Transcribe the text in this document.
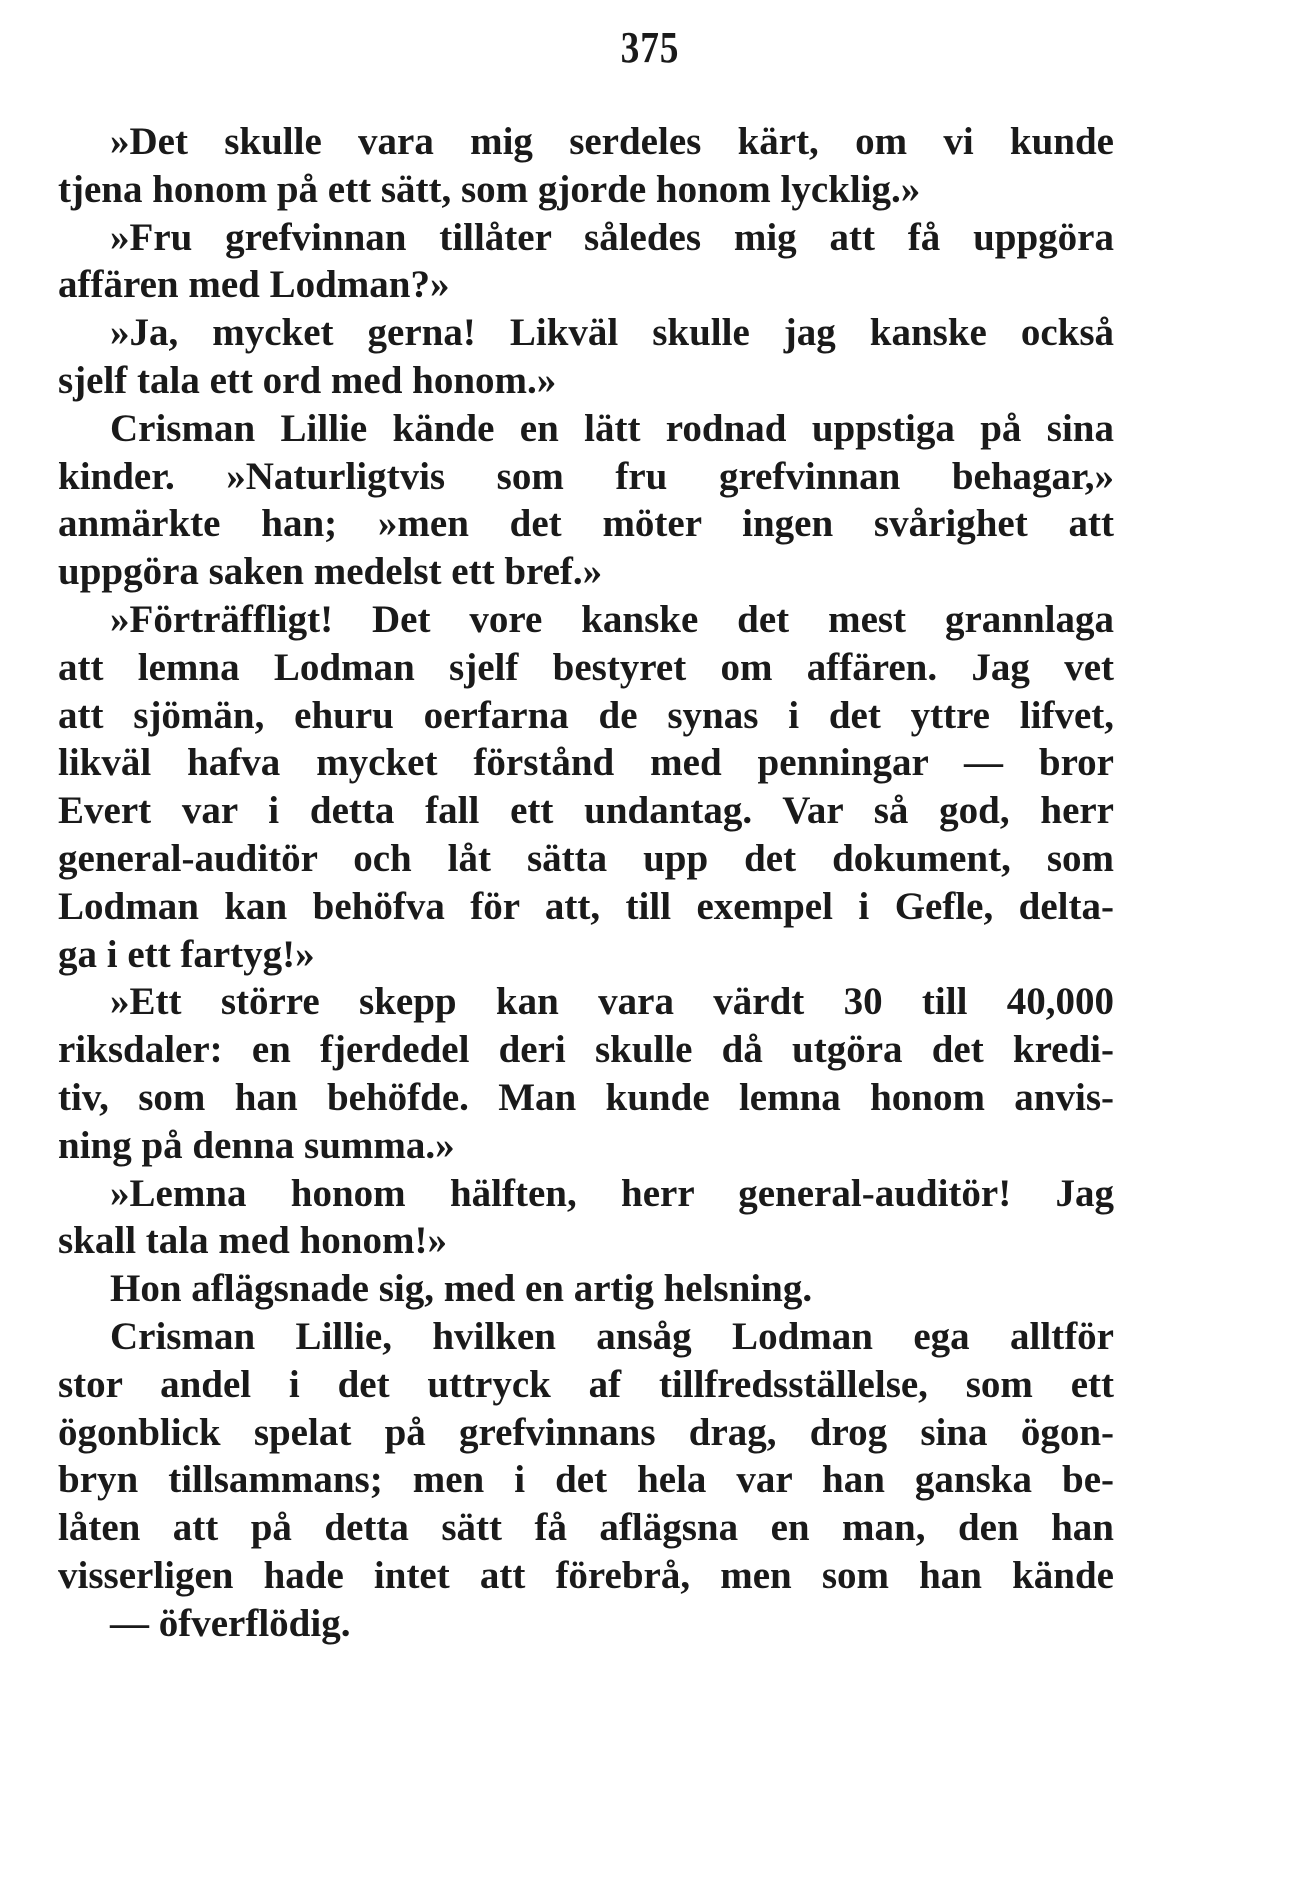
375
»Det skulle vara mig serdeles kärt, om vi kunde
tjena honom på ett sätt, som gjorde honom lycklig.»
»Fru grefvinnan tillåter således mig att få uppgöra
affären med Lodman?»
»Ja, mycket gerna! Likväl skulle jag kanske också
sjelf tala ett ord med honom.»
Crisman Lillie kände en lätt rodnad uppstiga på sina
kinder. »Naturligtvis som fru grefvinnan behagar,»
anmärkte han; »men det möter ingen svårighet att
uppgöra saken medelst ett bref.»
»Förträffligt! Det vore kanske det mest grannlaga
att lemna Lodman sjelf bestyret om affären. Jag vet
att sjömän, ehuru oerfarna de synas i det yttre lifvet,
likväl hafva mycket förstånd med penningar — bror
Evert var i detta fall ett undantag. Var så god, herr
general-auditör och låt sätta upp det dokument, som
Lodman kan behöfva för att, till exempel i Gefle, delta-
ga i ett fartyg!»
»Ett större skepp kan vara värdt 30 till 40,000
riksdaler: en fjerdedel deri skulle då utgöra det kredi-
tiv, som han behöfde. Man kunde lemna honom anvis-
ning på denna summa.»
»Lemna honom hälften, herr general-auditör! Jag
skall tala med honom!»
Hon aflägsnade sig, med en artig helsning.
Crisman Lillie, hvilken ansåg Lodman ega alltför
stor andel i det uttryck af tillfredsställelse, som ett
ögonblick spelat på grefvinnans drag, drog sina ögon-
bryn tillsammans; men i det hela var han ganska be-
låten att på detta sätt få aflägsna en man, den han
visserligen hade intet att förebrå, men som han kände
— öfverflödig.
